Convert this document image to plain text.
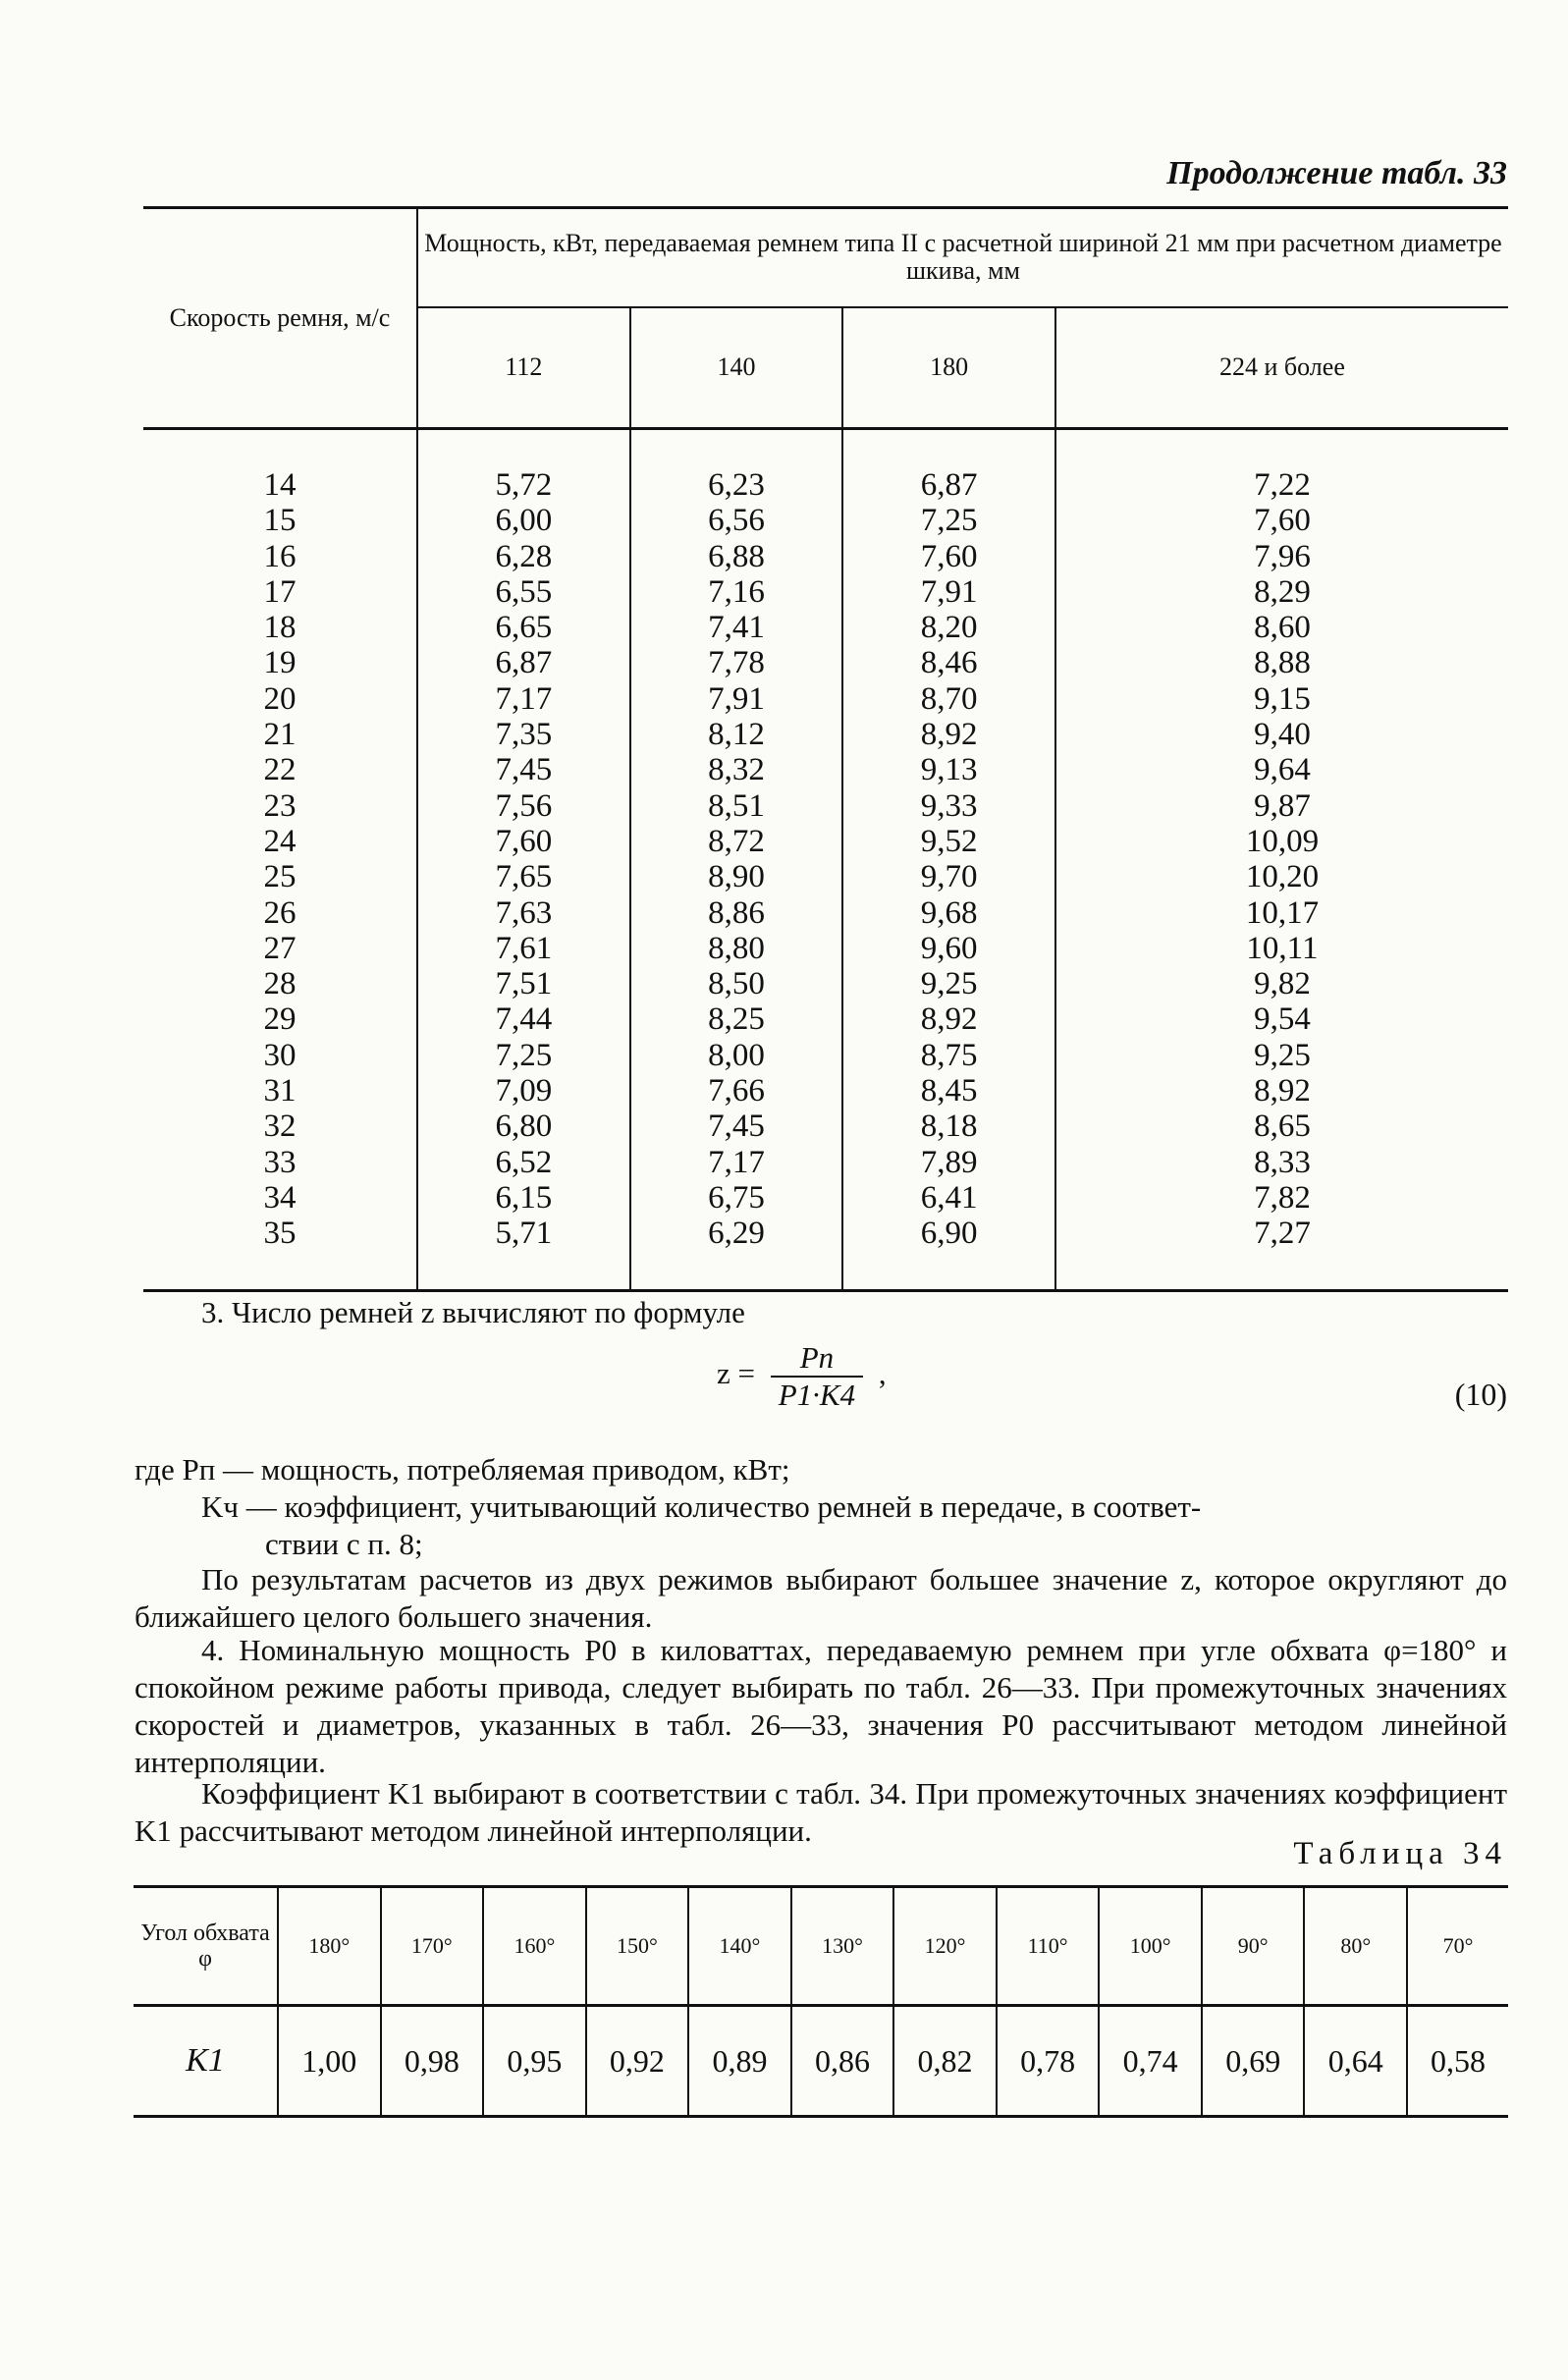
Продолжение табл. 33
Скорость ремня, м/с	Мощность, кВт, передаваемая ремнем типа II с расчетной шириной 21 мм при расчетном диаметре шкива, мм			
	112	140	180	224 и более
14	5,72	6,23	6,87	7,22
15	6,00	6,56	7,25	7,60
16	6,28	6,88	7,60	7,96
17	6,55	7,16	7,91	8,29
18	6,65	7,41	8,20	8,60
19	6,87	7,78	8,46	8,88
20	7,17	7,91	8,70	9,15
21	7,35	8,12	8,92	9,40
22	7,45	8,32	9,13	9,64
23	7,56	8,51	9,33	9,87
24	7,60	8,72	9,52	10,09
25	7,65	8,90	9,70	10,20
26	7,63	8,86	9,68	10,17
27	7,61	8,80	9,60	10,11
28	7,51	8,50	9,25	9,82
29	7,44	8,25	8,92	9,54
30	7,25	8,00	8,75	9,25
31	7,09	7,66	8,45	8,92
32	6,80	7,45	8,18	8,65
33	6,52	7,17	7,89	8,33
34	6,15	6,75	6,41	7,82
35	5,71	6,29	6,90	7,27
3. Число ремней z вычисляют по формуле
$z = \frac{Pп}{P1\cdot K4}$ ,
(10)
где Pп — мощность, потребляемая приводом, кВт;
Kч — коэффициент, учитывающий количество ремней в передаче, в соответ-
ствии с п. 8;
По результатам расчетов из двух режимов выбирают большее значение z, которое округляют до ближайшего целого большего значения.
4. Номинальную мощность P0 в киловаттах, передаваемую ремнем при угле обхвата φ=180° и спокойном режиме работы привода, следует выбирать по табл. 26—33. При промежуточных значениях скоростей и диаметров, указанных в табл. 26—33, значения P0 рассчитывают методом линейной интерполяции.
Коэффициент K1 выбирают в соответствии с табл. 34. При промежуточных значениях коэффициент K1 рассчитывают методом линейной интерполяции.
Таблица 34
Угол обхвата φ	180°	170°	160°	150°	140°	130°	120°	110°	100°	90°	80°	70°
K1	1,00	0,98	0,95	0,92	0,89	0,86	0,82	0,78	0,74	0,69	0,64	0,58
